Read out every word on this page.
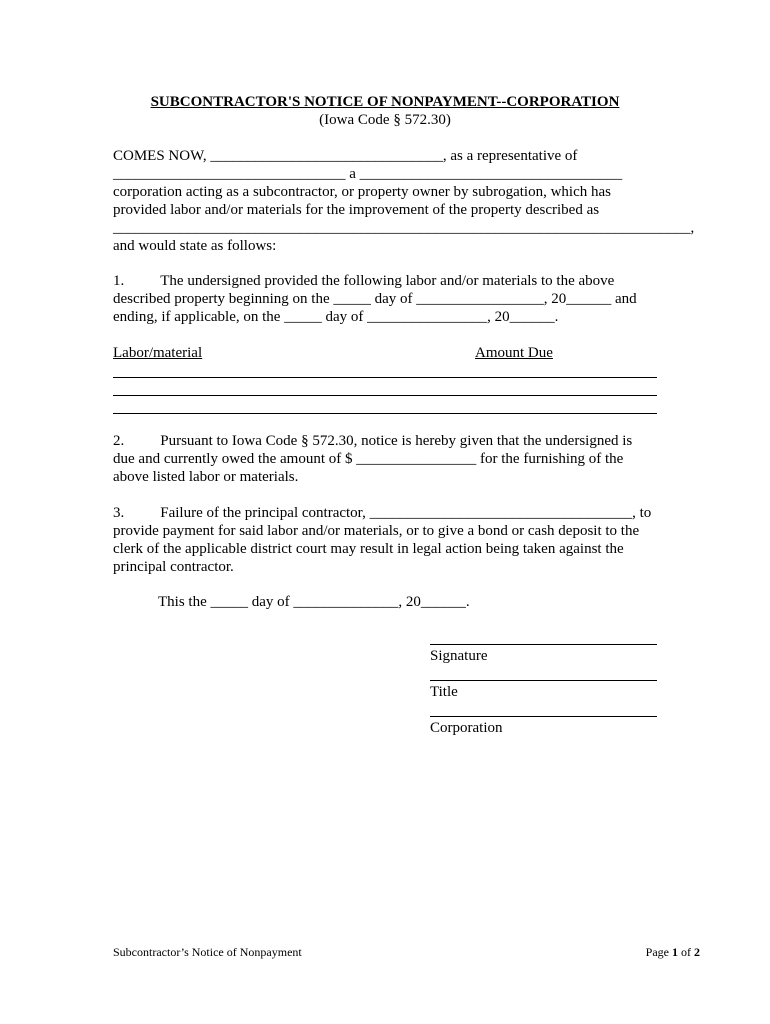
SUBCONTRACTOR'S NOTICE OF NONPAYMENT--CORPORATION
(Iowa Code § 572.30)
COMES NOW, _______________________________, as a representative of
_______________________________ a ___________________________________
corporation acting as a subcontractor, or property owner by subrogation, which has
provided labor and/or materials for the improvement of the property described as
_____________________________________________________________________________,
and would state as follows:
1. The undersigned provided the following labor and/or materials to the above
described property beginning on the _____ day of _________________, 20______ and
ending, if applicable, on the _____ day of ________________, 20______.
Labor/material	Amount Due
2. Pursuant to Iowa Code § 572.30, notice is hereby given that the undersigned is
due and currently owed the amount of $ ________________ for the furnishing of the
above listed labor or materials.
3. Failure of the principal contractor, ___________________________________, to
provide payment for said labor and/or materials, or to give a bond or cash deposit to the
clerk of the applicable district court may result in legal action being taken against the
principal contractor.
This the _____ day of ______________, 20______.
Signature
Title
Corporation
Subcontractor’s Notice of Nonpayment	Page 1 of 2
